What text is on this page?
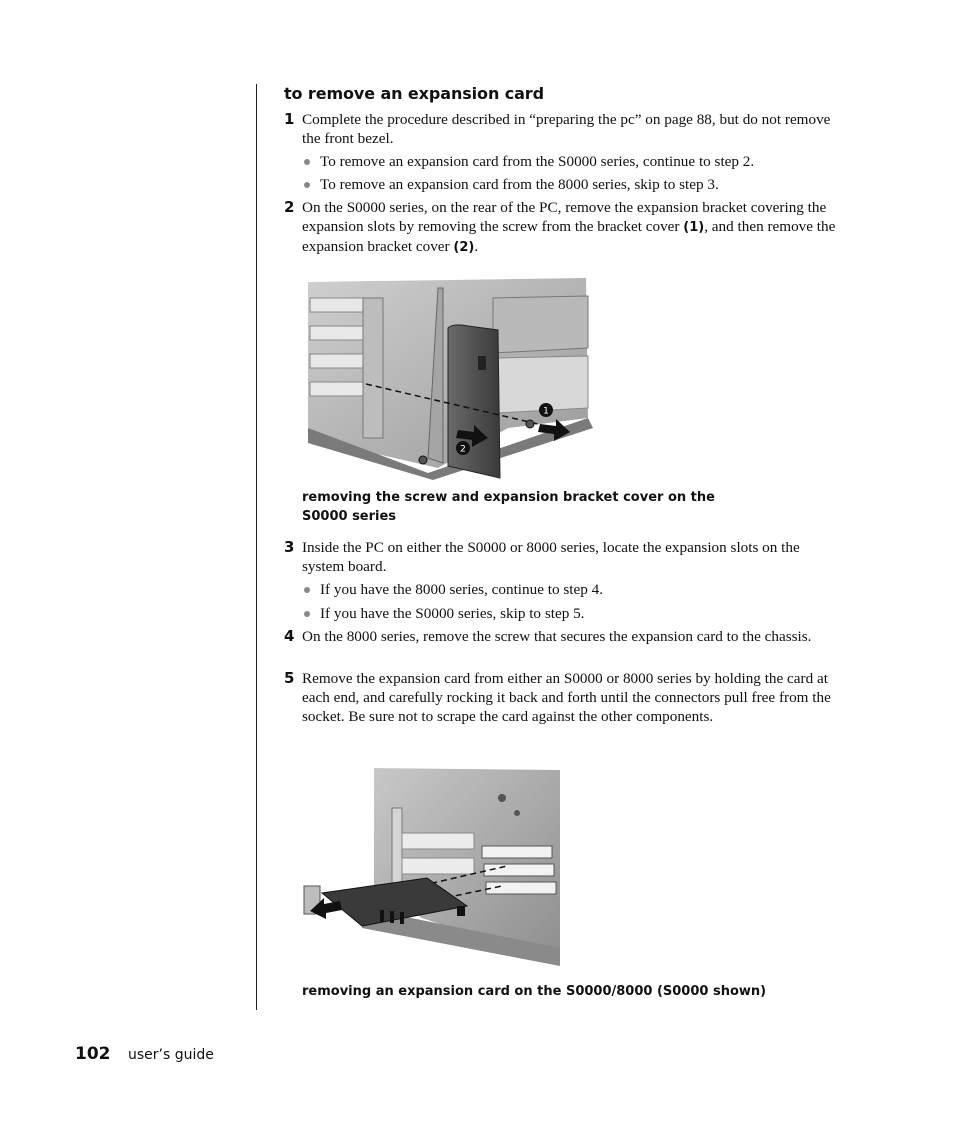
to remove an expansion card
1 Complete the procedure described in “preparing the pc” on page 88, but do not remove the front bezel.
To remove an expansion card from the S0000 series, continue to step 2.
To remove an expansion card from the 8000 series, skip to step 3.
2 On the S0000 series, on the rear of the PC, remove the expansion bracket covering the expansion slots by removing the screw from the bracket cover (1), and then remove the expansion bracket cover (2).
1
2
removing the screw and expansion bracket cover on the
S0000 series
3 Inside the PC on either the S0000 or 8000 series, locate the expansion slots on the system board.
If you have the 8000 series, continue to step 4.
If you have the S0000 series, skip to step 5.
4 On the 8000 series, remove the screw that secures the expansion card to the chassis.
5 Remove the expansion card from either an S0000 or 8000 series by holding the card at each end, and carefully rocking it back and forth until the connectors pull free from the socket. Be sure not to scrape the card against the other components.
removing an expansion card on the S0000/8000 (S0000 shown)
102 user’s guide
